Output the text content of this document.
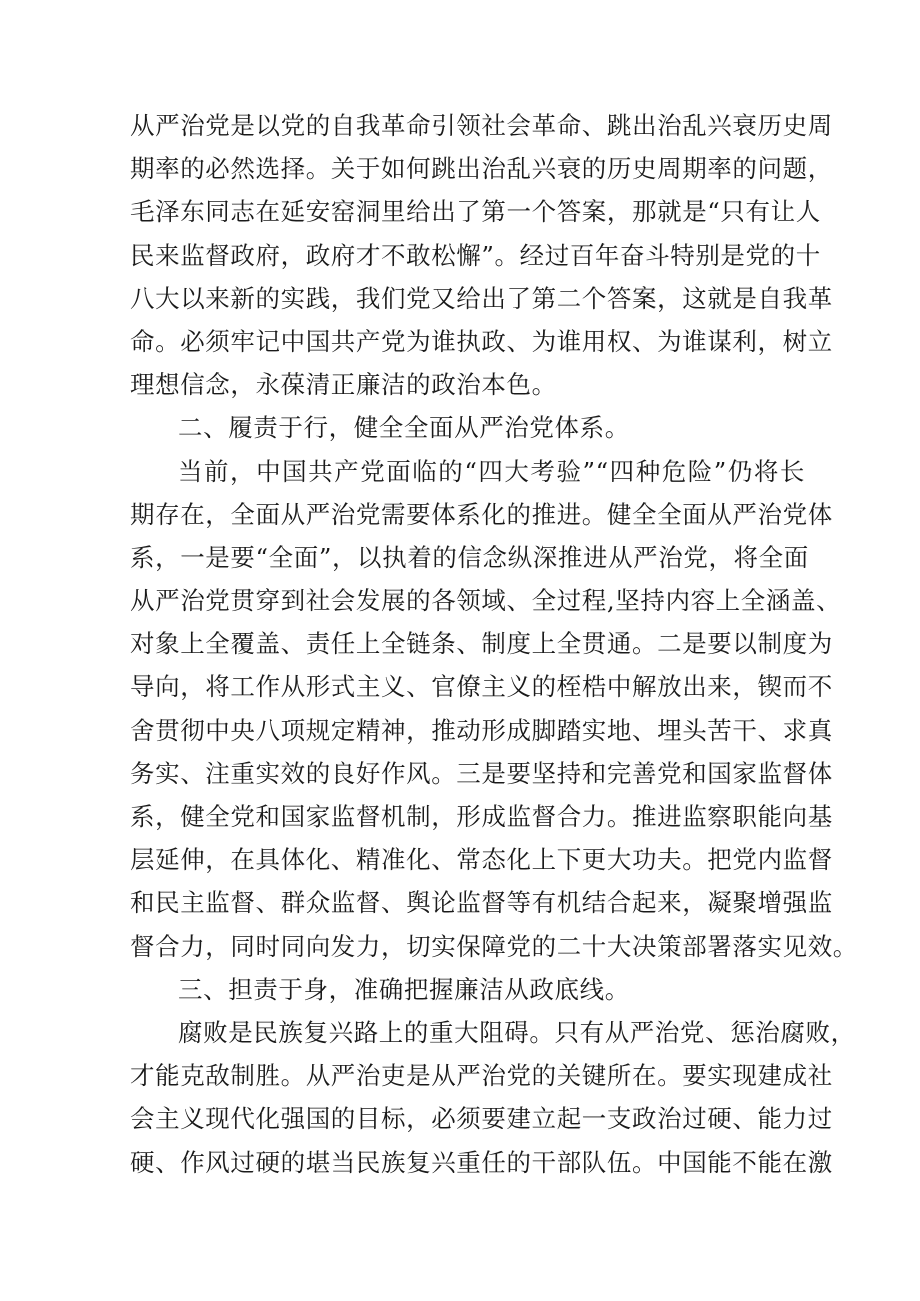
从严治党是以党的自我革命引领社会革命、跳出治乱兴衰历史周
期率的必然选择。关于如何跳出治乱兴衰的历史周期率的问题，
毛泽东同志在延安窑洞里给出了第一个答案，那就是“只有让人
民来监督政府，政府才不敢松懈”。经过百年奋斗特别是党的十
八大以来新的实践，我们党又给出了第二个答案，这就是自我革
命。必须牢记中国共产党为谁执政、为谁用权、为谁谋利，树立
理想信念，永葆清正廉洁的政治本色。
二、履责于行，健全全面从严治党体系。
当前，中国共产党面临的“四大考验”“四种危险”仍将长
期存在，全面从严治党需要体系化的推进。健全全面从严治党体
系，一是要“全面”，以执着的信念纵深推进从严治党，将全面
从严治党贯穿到社会发展的各领域、全过程,坚持内容上全涵盖、
对象上全覆盖、责任上全链条、制度上全贯通。二是要以制度为
导向，将工作从形式主义、官僚主义的桎梏中解放出来，锲而不
舍贯彻中央八项规定精神，推动形成脚踏实地、埋头苦干、求真
务实、注重实效的良好作风。三是要坚持和完善党和国家监督体
系，健全党和国家监督机制，形成监督合力。推进监察职能向基
层延伸，在具体化、精准化、常态化上下更大功夫。把党内监督
和民主监督、群众监督、舆论监督等有机结合起来，凝聚增强监
督合力，同时同向发力，切实保障党的二十大决策部署落实见效。
三、担责于身，准确把握廉洁从政底线。
腐败是民族复兴路上的重大阻碍。只有从严治党、惩治腐败，
才能克敌制胜。从严治吏是从严治党的关键所在。要实现建成社
会主义现代化强国的目标，必须要建立起一支政治过硬、能力过
硬、作风过硬的堪当民族复兴重任的干部队伍。中国能不能在激
